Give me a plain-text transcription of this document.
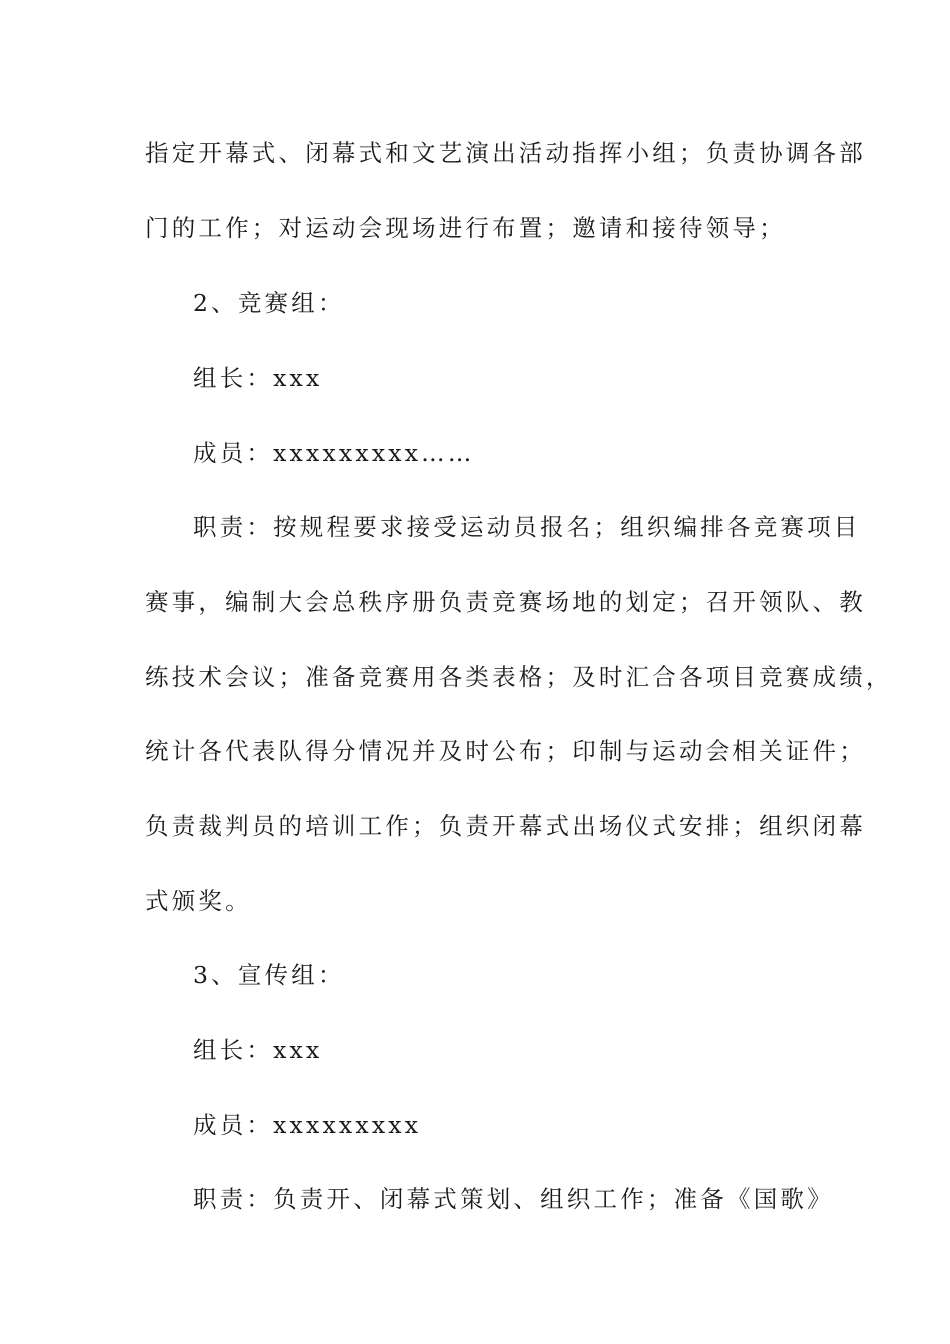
指定开幕式、闭幕式和文艺演出活动指挥小组；负责协调各部
门的工作；对运动会现场进行布置；邀请和接待领导；
2、竞赛组：
组长：xxx
成员：xxxxxxxxx……
职责：按规程要求接受运动员报名；组织编排各竞赛项目
赛事，编制大会总秩序册负责竞赛场地的划定；召开领队、教
练技术会议；准备竞赛用各类表格；及时汇合各项目竞赛成绩，
统计各代表队得分情况并及时公布；印制与运动会相关证件；
负责裁判员的培训工作；负责开幕式出场仪式安排；组织闭幕
式颁奖。
3、宣传组：
组长：xxx
成员：xxxxxxxxx
职责：负责开、闭幕式策划、组织工作；准备《国歌》
